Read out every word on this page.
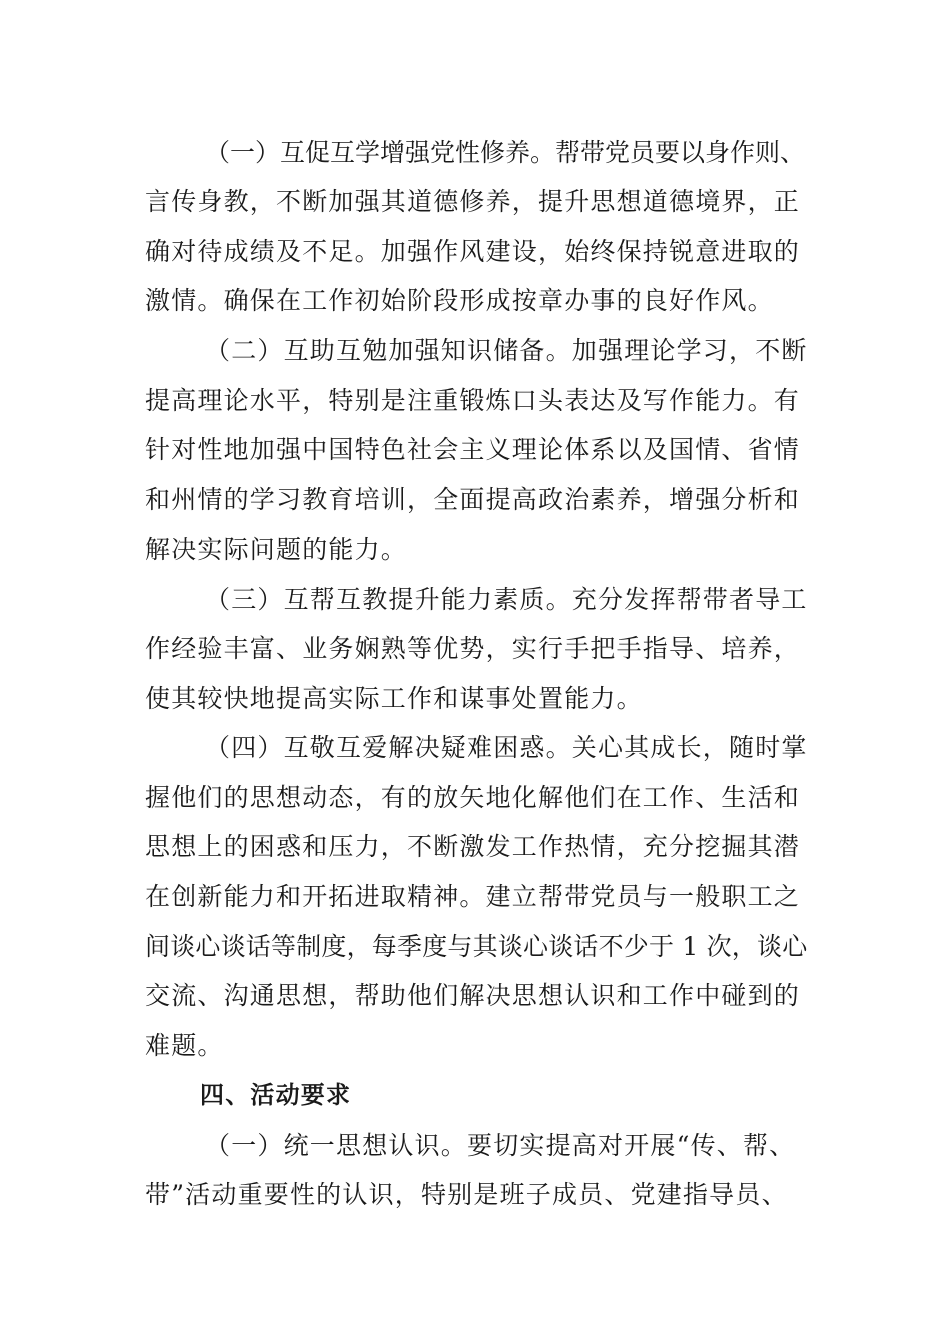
（一）互促互学增强党性修养。帮带党员要以身作则、
言传身教，不断加强其道德修养，提升思想道德境界，正
确对待成绩及不足。加强作风建设，始终保持锐意进取的
激情。确保在工作初始阶段形成按章办事的良好作风。
（二）互助互勉加强知识储备。加强理论学习，不断
提高理论水平，特别是注重锻炼口头表达及写作能力。有
针对性地加强中国特色社会主义理论体系以及国情、省情
和州情的学习教育培训，全面提高政治素养，增强分析和
解决实际问题的能力。
（三）互帮互教提升能力素质。充分发挥帮带者导工
作经验丰富、业务娴熟等优势，实行手把手指导、培养，
使其较快地提高实际工作和谋事处置能力。
（四）互敬互爱解决疑难困惑。关心其成长，随时掌
握他们的思想动态，有的放矢地化解他们在工作、生活和
思想上的困惑和压力，不断激发工作热情，充分挖掘其潜
在创新能力和开拓进取精神。建立帮带党员与一般职工之
间谈心谈话等制度，每季度与其谈心谈话不少于 1 次，谈心
交流、沟通思想，帮助他们解决思想认识和工作中碰到的
难题。
四、活动要求
（一）统一思想认识。要切实提高对开展“传、帮、
带”活动重要性的认识，特别是班子成员、党建指导员、
